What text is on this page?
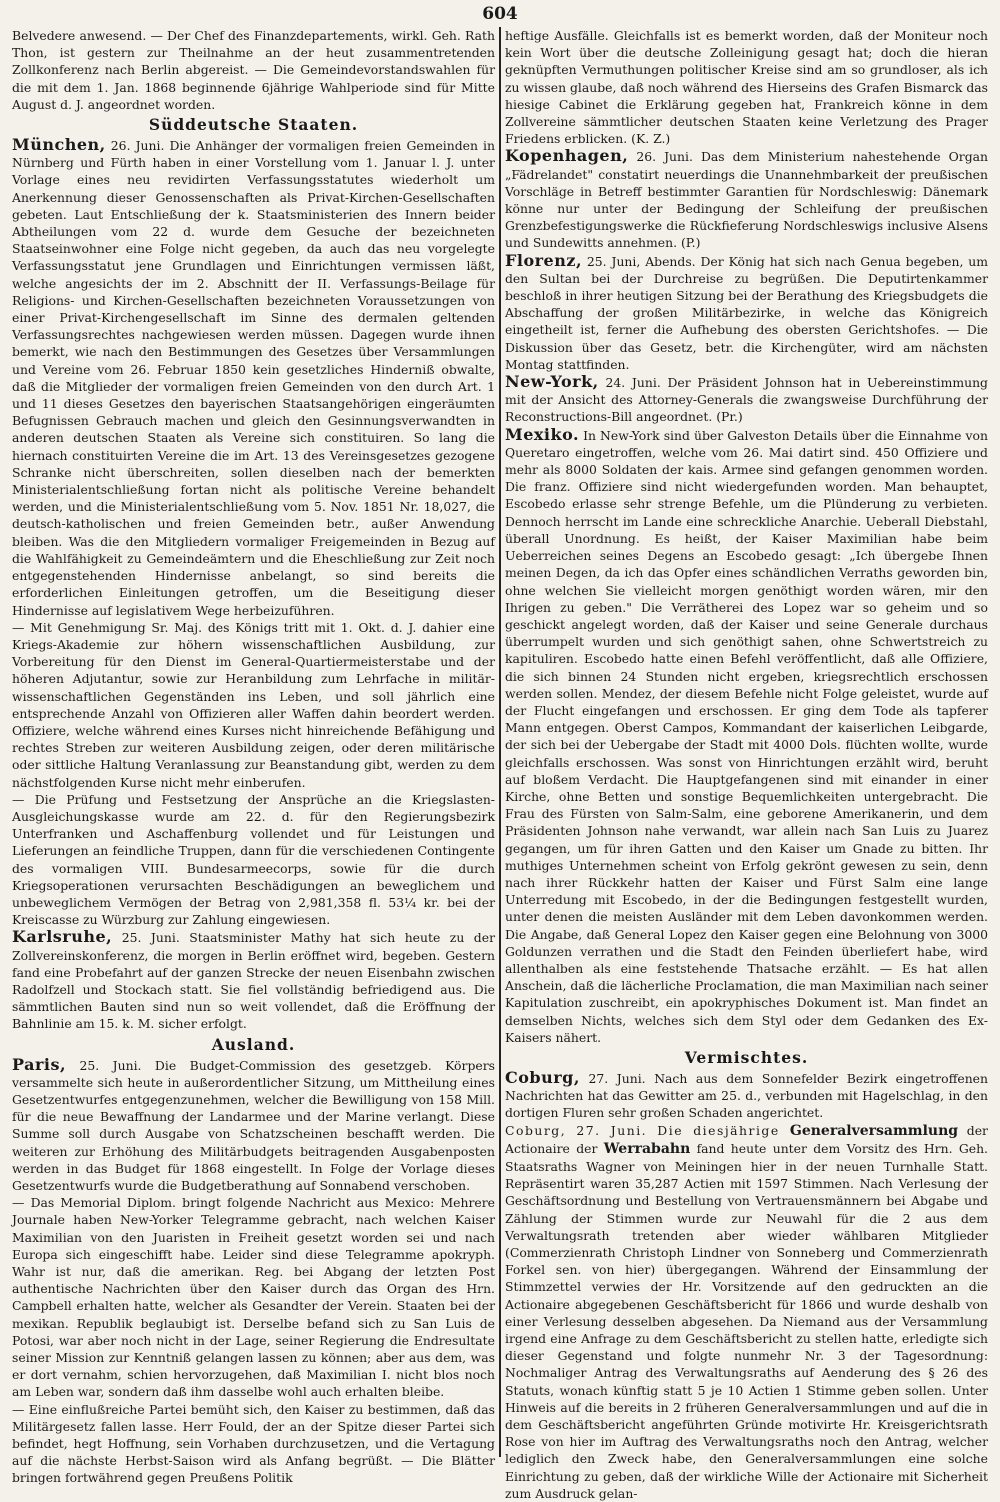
604

Belvedere anwesend. — Der Chef des Finanzdepartements, wirkl. Geh. Rath Thon, ist gestern zur Theilnahme an der heut zusammentretenden Zollkonferenz nach Berlin abgereist. — Die Gemeindevorstandswahlen für die mit dem 1. Jan. 1868 beginnende 6jährige Wahlperiode sind für Mitte August d. J. angeordnet worden.

Süddeutsche Staaten.

München, 26. Juni. Die Anhänger der vormaligen freien Gemeinden in Nürnberg und Fürth haben in einer Vorstellung vom 1. Januar l. J. unter Vorlage eines neu revidirten Verfassungsstatutes wiederholt um Anerkennung dieser Genossenschaften als Privat-Kirchen-Gesellschaften gebeten. Laut Entschließung der k. Staatsministerien des Innern beider Abtheilungen vom 22 d. wurde dem Gesuche der bezeichneten Staatseinwohner eine Folge nicht gegeben, da auch das neu vorgelegte Verfassungsstatut jene Grundlagen und Einrichtungen vermissen läßt, welche angesichts der im 2. Abschnitt der II. Verfassungs-Beilage für Religions- und Kirchen-Gesellschaften bezeichneten Voraussetzungen von einer Privat-Kirchengesellschaft im Sinne des dermalen geltenden Verfassungsrechtes nachgewiesen werden müssen. Dagegen wurde ihnen bemerkt, wie nach den Bestimmungen des Gesetzes über Versammlungen und Vereine vom 26. Februar 1850 kein gesetzliches Hinderniß obwalte, daß die Mitglieder der vormaligen freien Gemeinden von den durch Art. 1 und 11 dieses Gesetzes den bayerischen Staatsangehörigen eingeräumten Befugnissen Gebrauch machen und gleich den Gesinnungsverwandten in anderen deutschen Staaten als Vereine sich constituiren. So lang die hiernach constituirten Vereine die im Art. 13 des Vereinsgesetzes gezogene Schranke nicht überschreiten, sollen dieselben nach der bemerkten Ministerialentschließung fortan nicht als politische Vereine behandelt werden, und die Ministerialentschließung vom 5. Nov. 1851 Nr. 18,027, die deutsch-katholischen und freien Gemeinden betr., außer Anwendung bleiben. Was die den Mitgliedern vormaliger Freigemeinden in Bezug auf die Wahlfähigkeit zu Gemeindeämtern und die Eheschließung zur Zeit noch entgegenstehenden Hindernisse anbelangt, so sind bereits die erforderlichen Einleitungen getroffen, um die Beseitigung dieser Hindernisse auf legislativem Wege herbeizuführen.

— Mit Genehmigung Sr. Maj. des Königs tritt mit 1. Okt. d. J. dahier eine Kriegs-Akademie zur höhern wissenschaftlichen Ausbildung, zur Vorbereitung für den Dienst im General-Quartiermeisterstabe und der höheren Adjutantur, sowie zur Heranbildung zum Lehrfache in militär-wissenschaftlichen Gegenständen ins Leben, und soll jährlich eine entsprechende Anzahl von Offizieren aller Waffen dahin beordert werden. Offiziere, welche während eines Kurses nicht hinreichende Befähigung und rechtes Streben zur weiteren Ausbildung zeigen, oder deren militärische oder sittliche Haltung Veranlassung zur Beanstandung gibt, werden zu dem nächstfolgenden Kurse nicht mehr einberufen.

— Die Prüfung und Festsetzung der Ansprüche an die Kriegslasten-Ausgleichungskasse wurde am 22. d. für den Regierungsbezirk Unterfranken und Aschaffenburg vollendet und für Leistungen und Lieferungen an feindliche Truppen, dann für die verschiedenen Contingente des vormaligen VIII. Bundesarmeecorps, sowie für die durch Kriegsoperationen verursachten Beschädigungen an beweglichem und unbeweglichem Vermögen der Betrag von 2,981,358 fl. 53¼ kr. bei der Kreiscasse zu Würzburg zur Zahlung eingewiesen.

Karlsruhe, 25. Juni. Staatsminister Mathy hat sich heute zu der Zollvereinskonferenz, die morgen in Berlin eröffnet wird, begeben. Gestern fand eine Probefahrt auf der ganzen Strecke der neuen Eisenbahn zwischen Radolfzell und Stockach statt. Sie fiel vollständig befriedigend aus. Die sämmtlichen Bauten sind nun so weit vollendet, daß die Eröffnung der Bahnlinie am 15. k. M. sicher erfolgt.

Ausland.

Paris, 25. Juni. Die Budget-Commission des gesetzgeb. Körpers versammelte sich heute in außerordentlicher Sitzung, um Mittheilung eines Gesetzentwurfes entgegenzunehmen, welcher die Bewilligung von 158 Mill. für die neue Bewaffnung der Landarmee und der Marine verlangt. Diese Summe soll durch Ausgabe von Schatzscheinen beschafft werden. Die weiteren zur Erhöhung des Militärbudgets beitragenden Ausgabenposten werden in das Budget für 1868 eingestellt. In Folge der Vorlage dieses Gesetzentwurfs wurde die Budgetberathung auf Sonnabend verschoben.

— Das Memorial Diplom. bringt folgende Nachricht aus Mexico: Mehrere Journale haben New-Yorker Telegramme gebracht, nach welchen Kaiser Maximilian von den Juaristen in Freiheit gesetzt worden sei und nach Europa sich eingeschifft habe. Leider sind diese Telegramme apokryph. Wahr ist nur, daß die amerikan. Reg. bei Abgang der letzten Post authentische Nachrichten über den Kaiser durch das Organ des Hrn. Campbell erhalten hatte, welcher als Gesandter der Verein. Staaten bei der mexikan. Republik beglaubigt ist. Derselbe befand sich zu San Luis de Potosi, war aber noch nicht in der Lage, seiner Regierung die Endresultate seiner Mission zur Kenntniß gelangen lassen zu können; aber aus dem, was er dort vernahm, schien hervorzugehen, daß Maximilian I. nicht blos noch am Leben war, sondern daß ihm dasselbe wohl auch erhalten bleibe.

— Eine einflußreiche Partei bemüht sich, den Kaiser zu bestimmen, daß das Militärgesetz fallen lasse. Herr Fould, der an der Spitze dieser Partei sich befindet, hegt Hoffnung, sein Vorhaben durchzusetzen, und die Vertagung auf die nächste Herbst-Saison wird als Anfang begrüßt. — Die Blätter bringen fortwährend gegen Preußens Politik

heftige Ausfälle. Gleichfalls ist es bemerkt worden, daß der Moniteur noch kein Wort über die deutsche Zolleinigung gesagt hat; doch die hieran geknüpften Vermuthungen politischer Kreise sind am so grundloser, als ich zu wissen glaube, daß noch während des Hierseins des Grafen Bismarck das hiesige Cabinet die Erklärung gegeben hat, Frankreich könne in dem Zollvereine sämmtlicher deutschen Staaten keine Verletzung des Prager Friedens erblicken. (K. Z.)

Kopenhagen, 26. Juni. Das dem Ministerium nahestehende Organ „Fädrelandet" constatirt neuerdings die Unannehmbarkeit der preußischen Vorschläge in Betreff bestimmter Garantien für Nordschleswig: Dänemark könne nur unter der Bedingung der Schleifung der preußischen Grenzbefestigungswerke die Rückfieferung Nordschleswigs inclusive Alsens und Sundewitts annehmen. (P.)

Florenz, 25. Juni, Abends. Der König hat sich nach Genua begeben, um den Sultan bei der Durchreise zu begrüßen. Die Deputirtenkammer beschloß in ihrer heutigen Sitzung bei der Berathung des Kriegsbudgets die Abschaffung der großen Militärbezirke, in welche das Königreich eingetheilt ist, ferner die Aufhebung des obersten Gerichtshofes. — Die Diskussion über das Gesetz, betr. die Kirchengüter, wird am nächsten Montag stattfinden.

New-York, 24. Juni. Der Präsident Johnson hat in Uebereinstimmung mit der Ansicht des Attorney-Generals die zwangsweise Durchführung der Reconstructions-Bill angeordnet. (Pr.)

Mexiko. In New-York sind über Galveston Details über die Einnahme von Queretaro eingetroffen, welche vom 26. Mai datirt sind. 450 Offiziere und mehr als 8000 Soldaten der kais. Armee sind gefangen genommen worden. Die franz. Offiziere sind nicht wiedergefunden worden. Man behauptet, Escobedo erlasse sehr strenge Befehle, um die Plünderung zu verbieten. Dennoch herrscht im Lande eine schreckliche Anarchie. Ueberall Diebstahl, überall Unordnung. Es heißt, der Kaiser Maximilian habe beim Ueberreichen seines Degens an Escobedo gesagt: „Ich übergebe Ihnen meinen Degen, da ich das Opfer eines schändlichen Verraths geworden bin, ohne welchen Sie vielleicht morgen genöthigt worden wären, mir den Ihrigen zu geben." Die Verrätherei des Lopez war so geheim und so geschickt angelegt worden, daß der Kaiser und seine Generale durchaus überrumpelt wurden und sich genöthigt sahen, ohne Schwertstreich zu kapituliren. Escobedo hatte einen Befehl veröffentlicht, daß alle Offiziere, die sich binnen 24 Stunden nicht ergeben, kriegsrechtlich erschossen werden sollen. Mendez, der diesem Befehle nicht Folge geleistet, wurde auf der Flucht eingefangen und erschossen. Er ging dem Tode als tapferer Mann entgegen. Oberst Campos, Kommandant der kaiserlichen Leibgarde, der sich bei der Uebergabe der Stadt mit 4000 Dols. flüchten wollte, wurde gleichfalls erschossen. Was sonst von Hinrichtungen erzählt wird, beruht auf bloßem Verdacht. Die Hauptgefangenen sind mit einander in einer Kirche, ohne Betten und sonstige Bequemlichkeiten untergebracht. Die Frau des Fürsten von Salm-Salm, eine geborene Amerikanerin, und dem Präsidenten Johnson nahe verwandt, war allein nach San Luis zu Juarez gegangen, um für ihren Gatten und den Kaiser um Gnade zu bitten. Ihr muthiges Unternehmen scheint von Erfolg gekrönt gewesen zu sein, denn nach ihrer Rückkehr hatten der Kaiser und Fürst Salm eine lange Unterredung mit Escobedo, in der die Bedingungen festgestellt wurden, unter denen die meisten Ausländer mit dem Leben davonkommen werden. Die Angabe, daß General Lopez den Kaiser gegen eine Belohnung von 3000 Goldunzen verrathen und die Stadt den Feinden überliefert habe, wird allenthalben als eine feststehende Thatsache erzählt. — Es hat allen Anschein, daß die lächerliche Proclamation, die man Maximilian nach seiner Kapitulation zuschreibt, ein apokryphisches Dokument ist. Man findet an demselben Nichts, welches sich dem Styl oder dem Gedanken des Ex-Kaisers nähert.

Vermischtes.

Coburg, 27. Juni. Nach aus dem Sonnefelder Bezirk eingetroffenen Nachrichten hat das Gewitter am 25. d., verbunden mit Hagelschlag, in den dortigen Fluren sehr großen Schaden angerichtet.

Coburg, 27. Juni. Die diesjährige Generalversammlung der Actionaire der Werrabahn fand heute unter dem Vorsitz des Hrn. Geh. Staatsraths Wagner von Meiningen hier in der neuen Turnhalle Statt. Repräsentirt waren 35,287 Actien mit 1597 Stimmen. Nach Verlesung der Geschäftsordnung und Bestellung von Vertrauensmännern bei Abgabe und Zählung der Stimmen wurde zur Neuwahl für die 2 aus dem Verwaltungsrath tretenden aber wieder wählbaren Mitglieder (Commerzienrath Christoph Lindner von Sonneberg und Commerzienrath Forkel sen. von hier) übergegangen. Während der Einsammlung der Stimmzettel verwies der Hr. Vorsitzende auf den gedruckten an die Actionaire abgegebenen Geschäftsbericht für 1866 und wurde deshalb von einer Verlesung desselben abgesehen. Da Niemand aus der Versammlung irgend eine Anfrage zu dem Geschäftsbericht zu stellen hatte, erledigte sich dieser Gegenstand und folgte nunmehr Nr. 3 der Tagesordnung: Nochmaliger Antrag des Verwaltungsraths auf Aenderung des § 26 des Statuts, wonach künftig statt 5 je 10 Actien 1 Stimme geben sollen. Unter Hinweis auf die bereits in 2 früheren Generalversammlungen und auf die in dem Geschäftsbericht angeführten Gründe motivirte Hr. Kreisgerichtsrath Rose von hier im Auftrag des Verwaltungsraths noch den Antrag, welcher lediglich den Zweck habe, den Generalversammlungen eine solche Einrichtung zu geben, daß der wirkliche Wille der Actionaire mit Sicherheit zum Ausdruck gelan-
